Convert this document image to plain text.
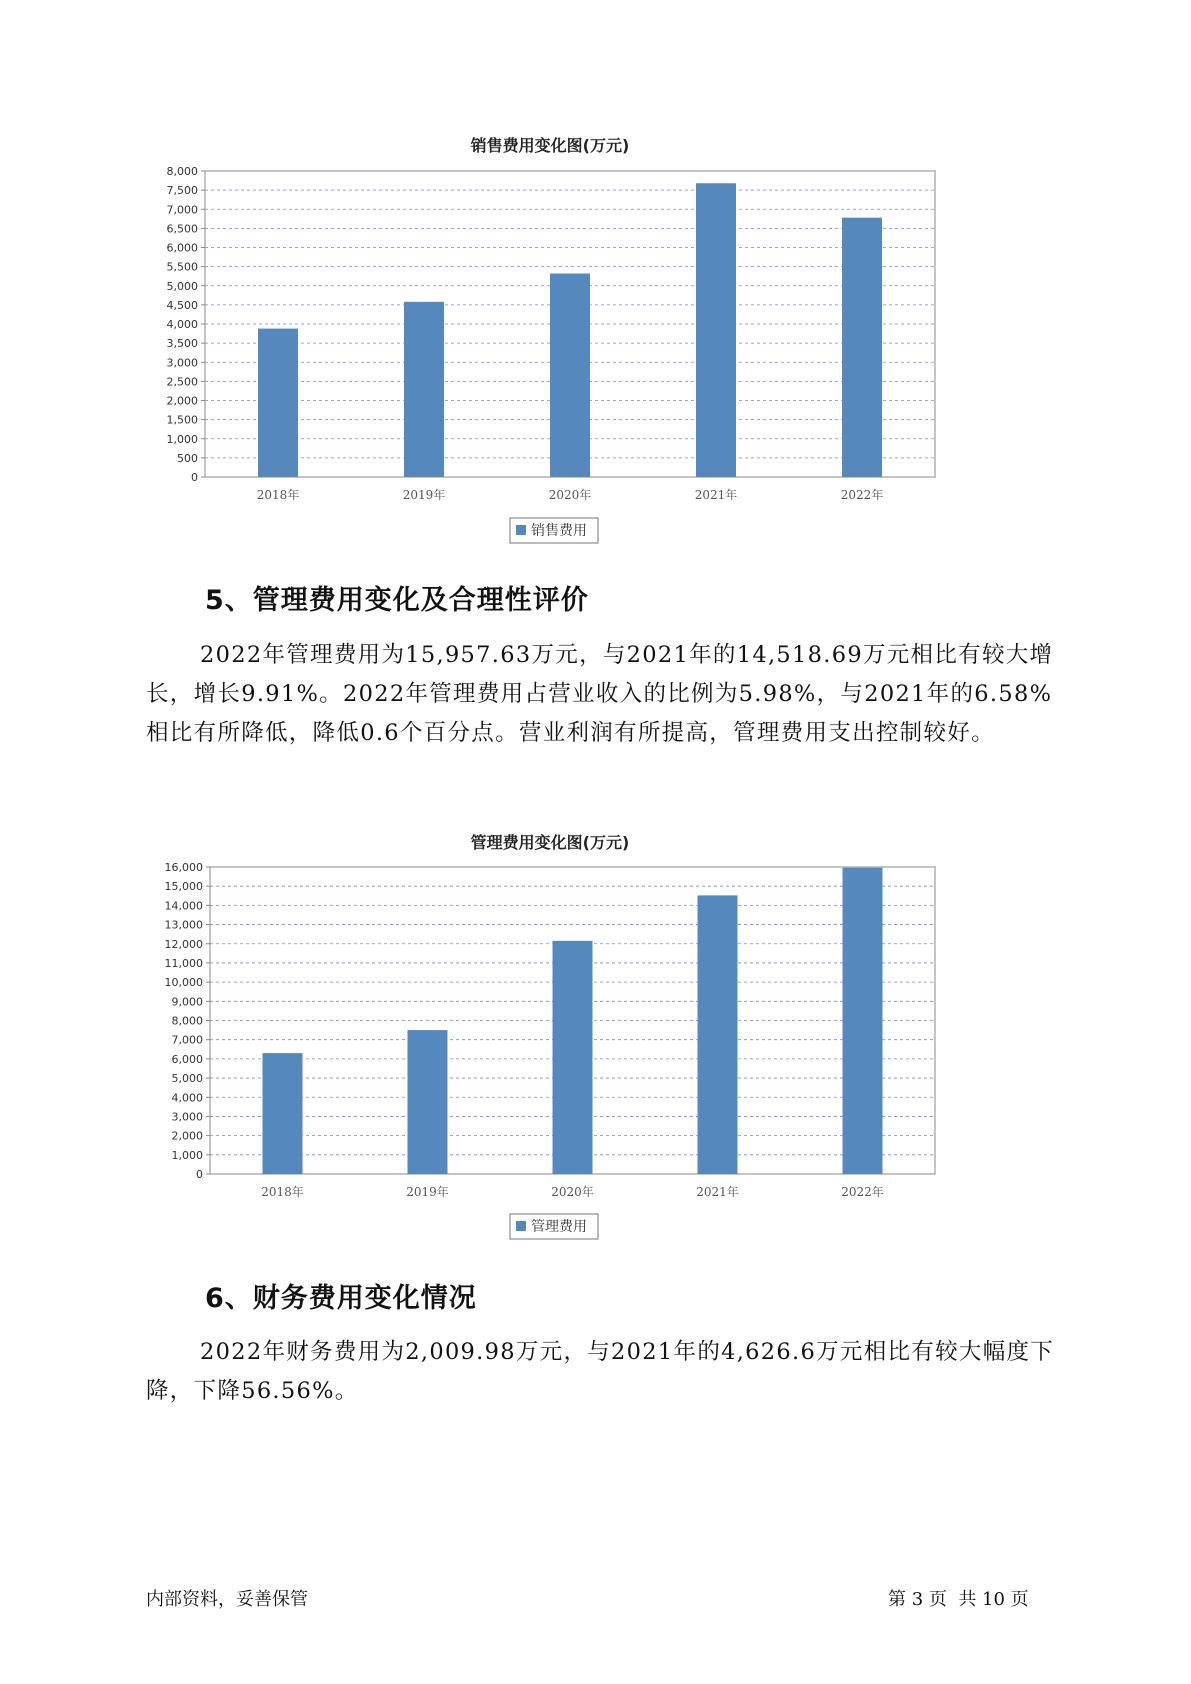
销售费用变化图(万元)
0
500
1,000
1,500
2,000
2,500
3,000
3,500
4,000
4,500
5,000
5,500
6,000
6,500
7,000
7,500
8,000
2018年	2019年	2020年	2021年	2022年
销售费用
5、管理费用变化及合理性评价

2022年管理费用为15,957.63万元，与2021年的14,518.69万元相比有较大增长，增长9.91%。2022年管理费用占营业收入的比例为5.98%，与2021年的6.58%相比有所降低，降低0.6个百分点。营业利润有所提高，管理费用支出控制较好。

管理费用变化图(万元)
0
1,000
2,000
3,000
4,000
5,000
6,000
7,000
8,000
9,000
10,000
11,000
12,000
13,000
14,000
15,000
16,000
2018年	2019年	2020年	2021年	2022年
管理费用
6、财务费用变化情况

2022年财务费用为2,009.98万元，与2021年的4,626.6万元相比有较大幅度下降，下降56.56%。

内部资料，妥善保管	第 3 页  共 10 页
